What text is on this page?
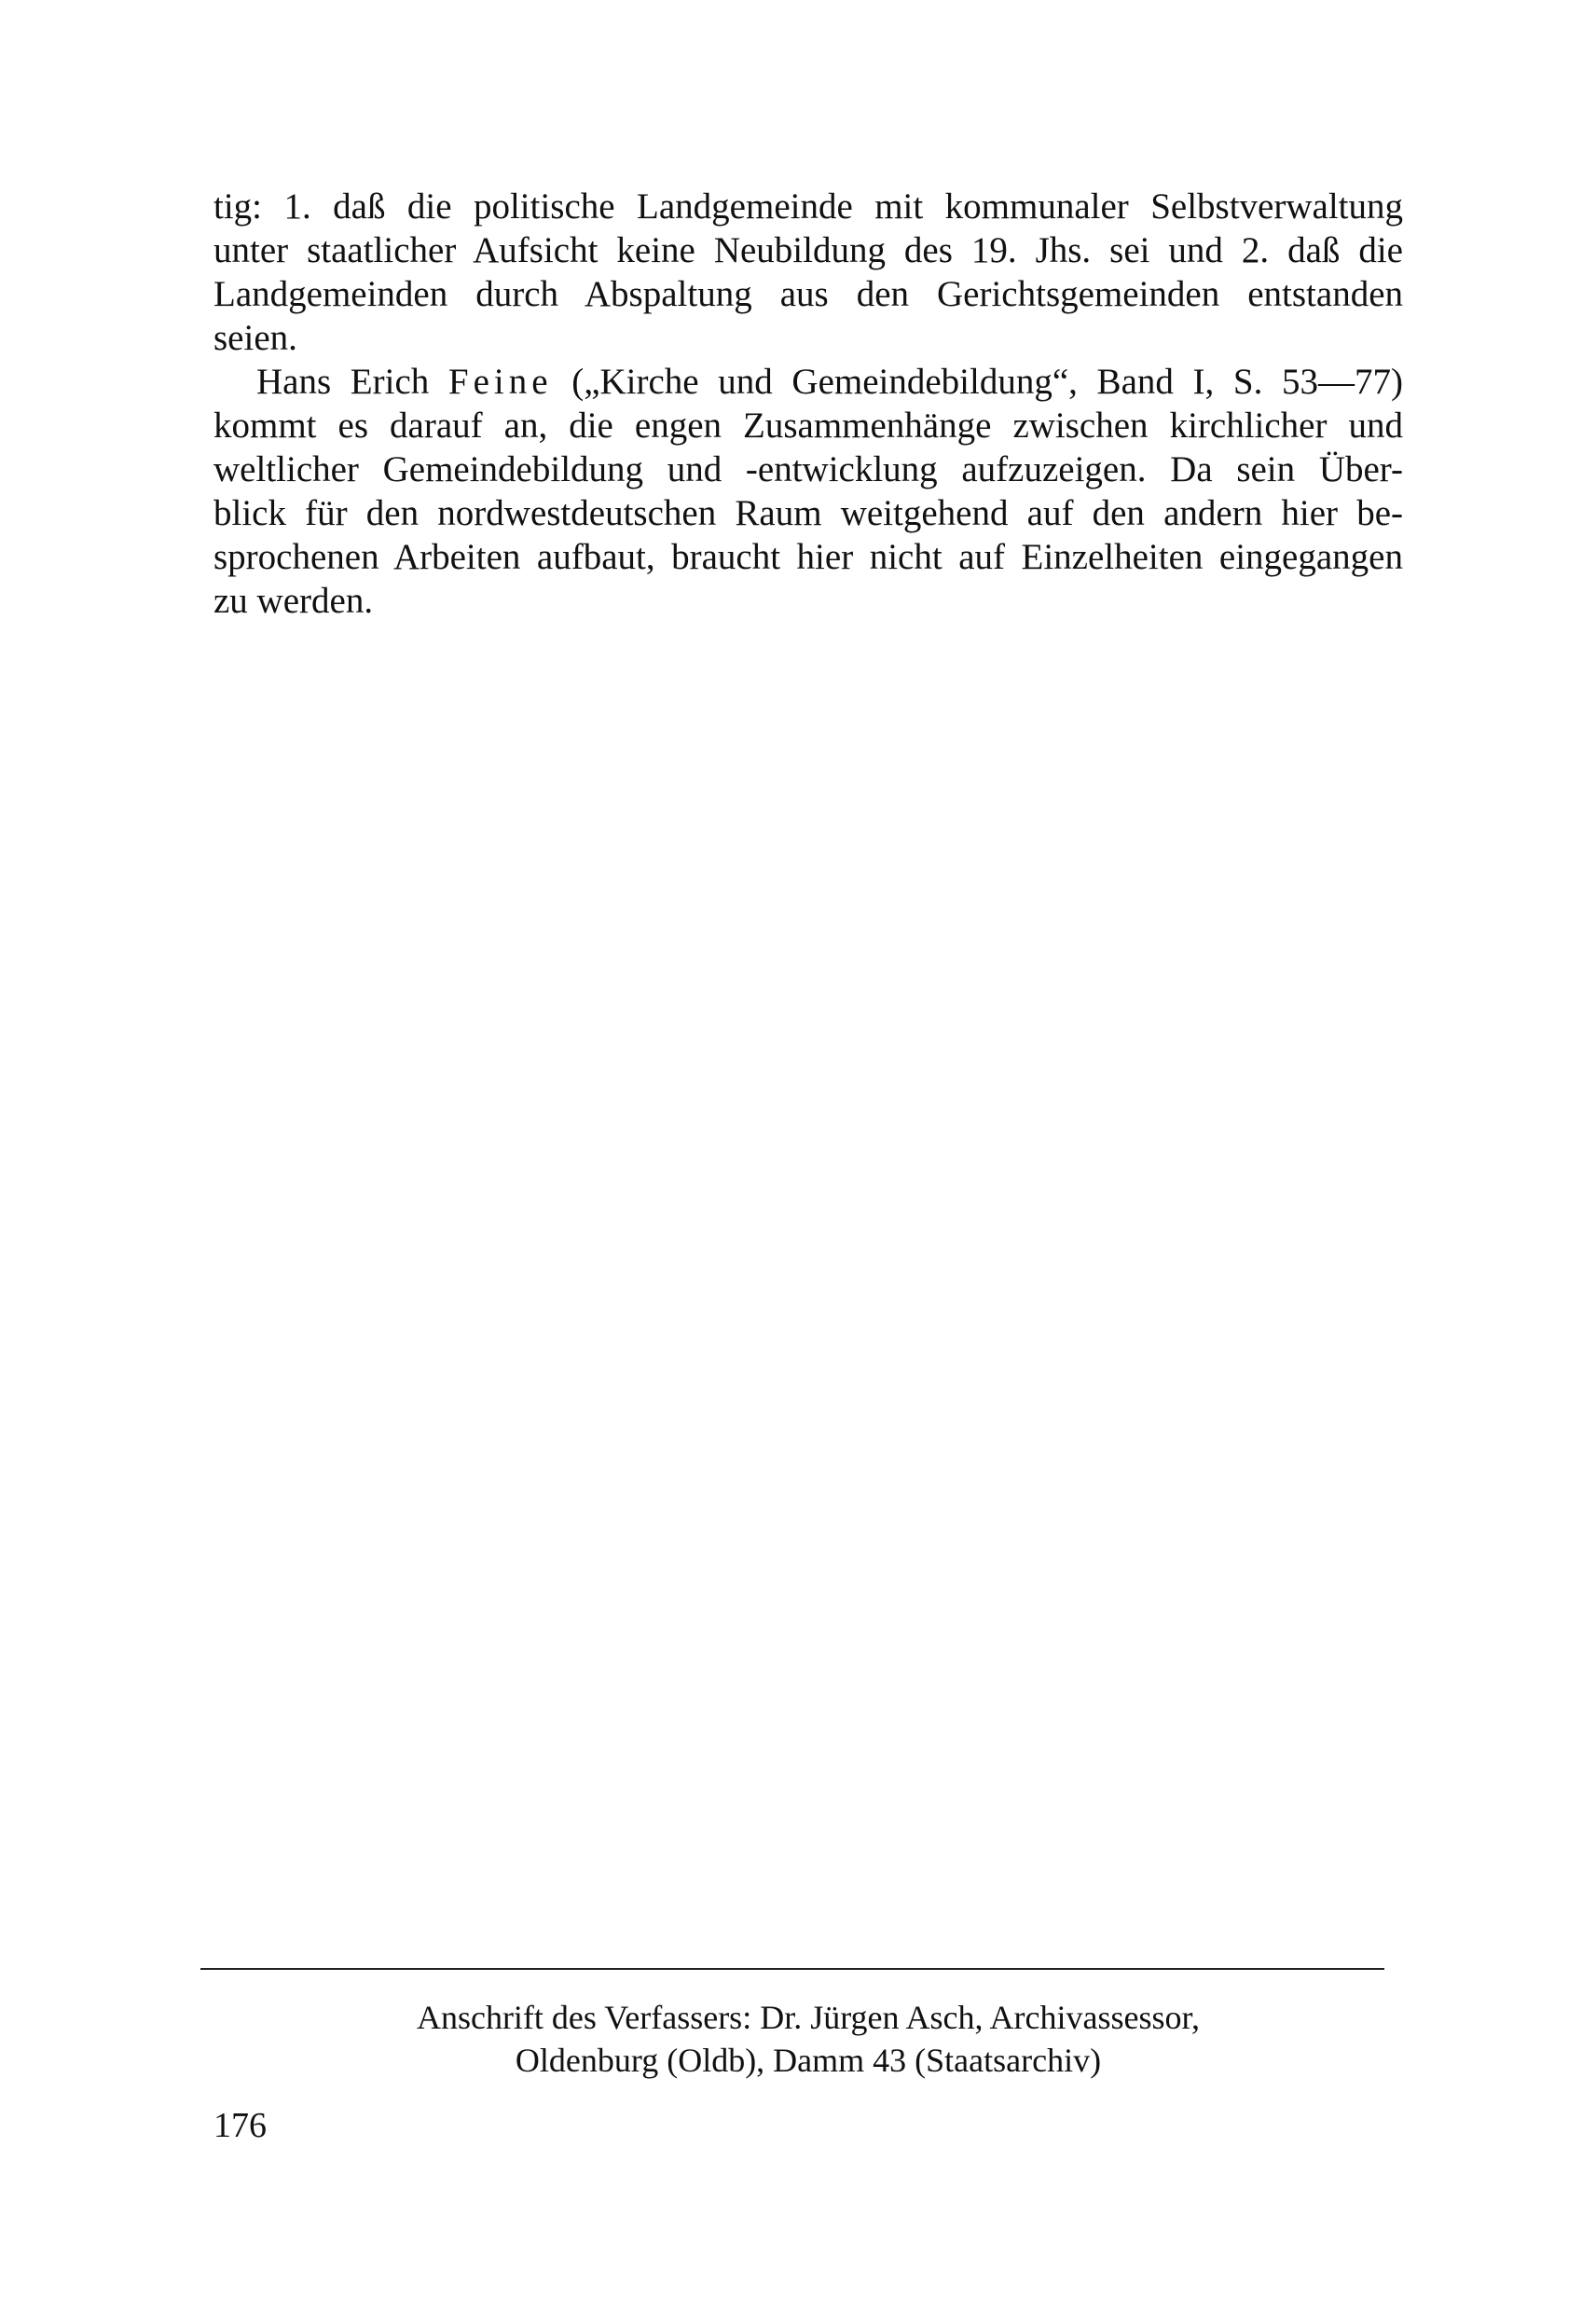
tig: 1. daß die politische Landgemeinde mit kommunaler Selbstverwaltung
unter staatlicher Aufsicht keine Neubildung des 19. Jhs. sei und 2. daß die
Landgemeinden durch Abspaltung aus den Gerichtsgemeinden entstanden
seien.
Hans Erich Feine („Kirche und Gemeindebildung“, Band I, S. 53—77)
kommt es darauf an, die engen Zusammenhänge zwischen kirchlicher und
weltlicher Gemeindebildung und -entwicklung aufzuzeigen. Da sein Über-
blick für den nordwestdeutschen Raum weitgehend auf den andern hier be-
sprochenen Arbeiten aufbaut, braucht hier nicht auf Einzelheiten eingegangen
zu werden.
Anschrift des Verfassers: Dr. Jürgen Asch, Archivassessor,
Oldenburg (Oldb), Damm 43 (Staatsarchiv)
176
